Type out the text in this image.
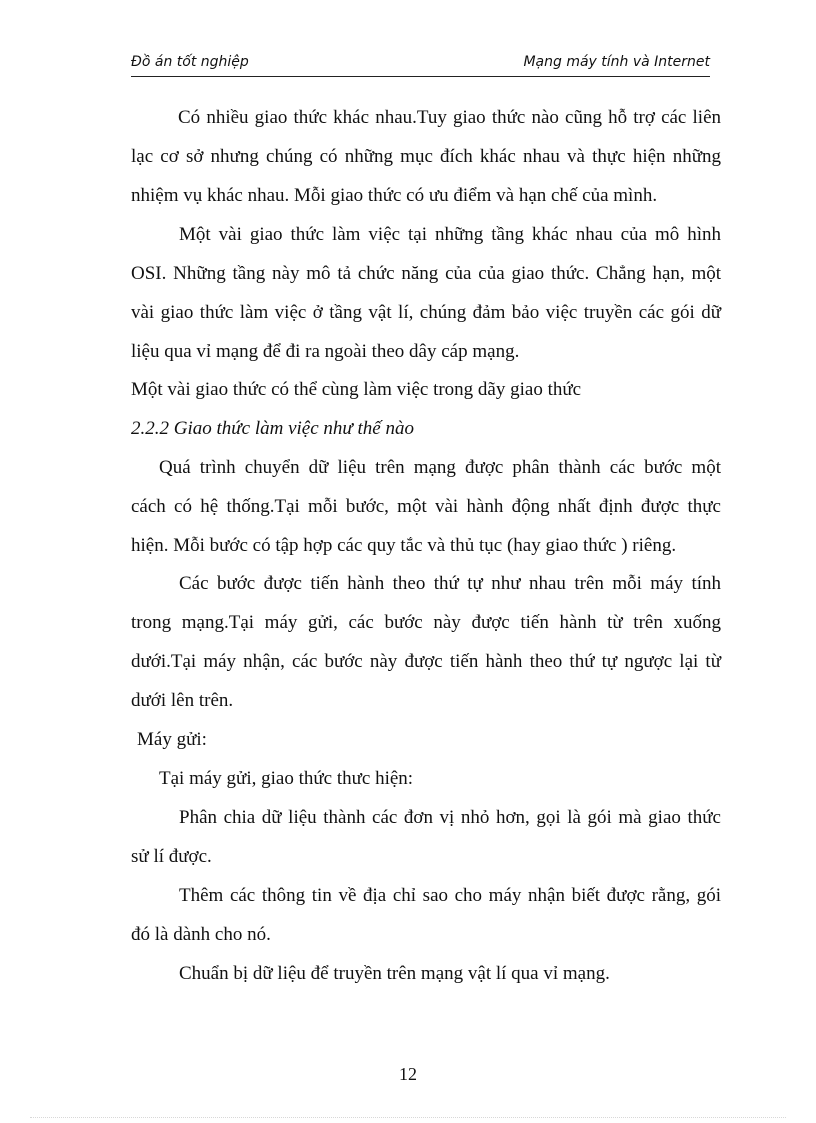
Đồ án tốt nghiệp	Mạng máy tính và Internet
Có nhiều giao thức khác nhau.Tuy giao thức nào cũng hỗ trợ các liên
lạc cơ sở nhưng chúng có những mục đích khác nhau và thực hiện những
nhiệm vụ khác nhau. Mỗi giao thức có ưu điểm và hạn chế của mình.
Một vài giao thức làm việc tại những tầng khác nhau của mô hình
OSI. Những tầng này mô tả chức năng của của giao thức. Chẳng hạn, một
vài giao thức làm việc ở tầng vật lí, chúng đảm bảo việc truyền các gói dữ
liệu qua vỉ mạng để đi ra ngoài theo dây cáp mạng.
Một vài giao thức có thể cùng làm việc trong dãy giao thức
2.2.2 Giao thức làm việc như thế nào
Quá trình chuyển dữ liệu trên mạng được phân thành các bước một
cách có hệ thống.Tại mỗi bước, một vài hành động nhất định được thực
hiện. Mỗi bước có tập hợp các quy tắc và thủ tục (hay giao thức ) riêng.
Các bước được tiến hành theo thứ tự như nhau trên mỗi máy tính
trong mạng.Tại máy gửi, các bước này được tiến hành từ trên xuống
dưới.Tại máy nhận, các bước này được tiến hành theo thứ tự ngược lại từ
dưới lên trên.
Máy gửi:
Tại máy gửi, giao thức thưc hiện:
Phân chia dữ liệu thành các đơn vị nhỏ hơn, gọi là gói mà giao thức
sử lí được.
Thêm các thông tin về địa chỉ sao cho máy nhận biết được rằng, gói
đó là dành cho nó.
Chuẩn bị dữ liệu để truyền trên mạng vật lí qua vỉ mạng.
12
